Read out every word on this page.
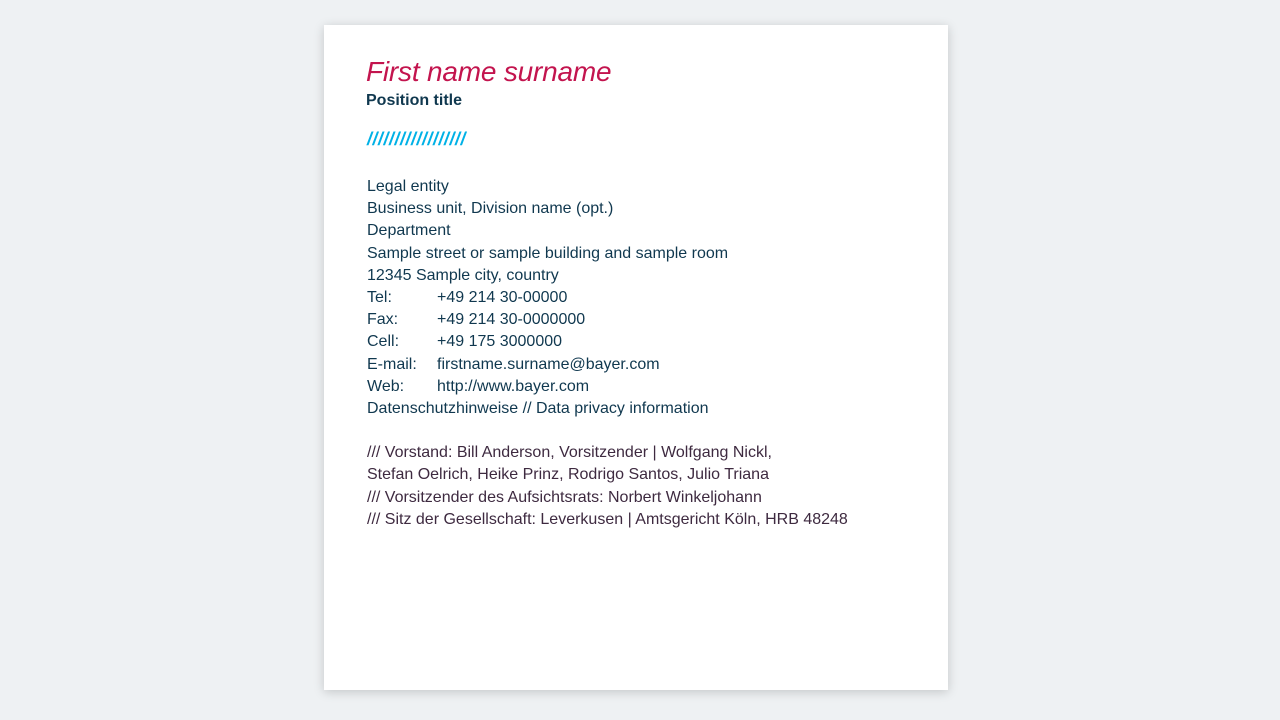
First name surname
Position title
//////////////////
Legal entity
Business unit, Division name (opt.)
Department
Sample street or sample building and sample room
12345 Sample city, country
Tel:	+49 214 30-00000
Fax:	+49 214 30-0000000
Cell:	+49 175 3000000
E-mail:	firstname.surname@bayer.com
Web:	http://www.bayer.com
Datenschutzhinweise // Data privacy information
/// Vorstand: Bill Anderson, Vorsitzender | Wolfgang Nickl,
Stefan Oelrich, Heike Prinz, Rodrigo Santos, Julio Triana
/// Vorsitzender des Aufsichtsrats: Norbert Winkeljohann
/// Sitz der Gesellschaft: Leverkusen | Amtsgericht Köln, HRB 48248
